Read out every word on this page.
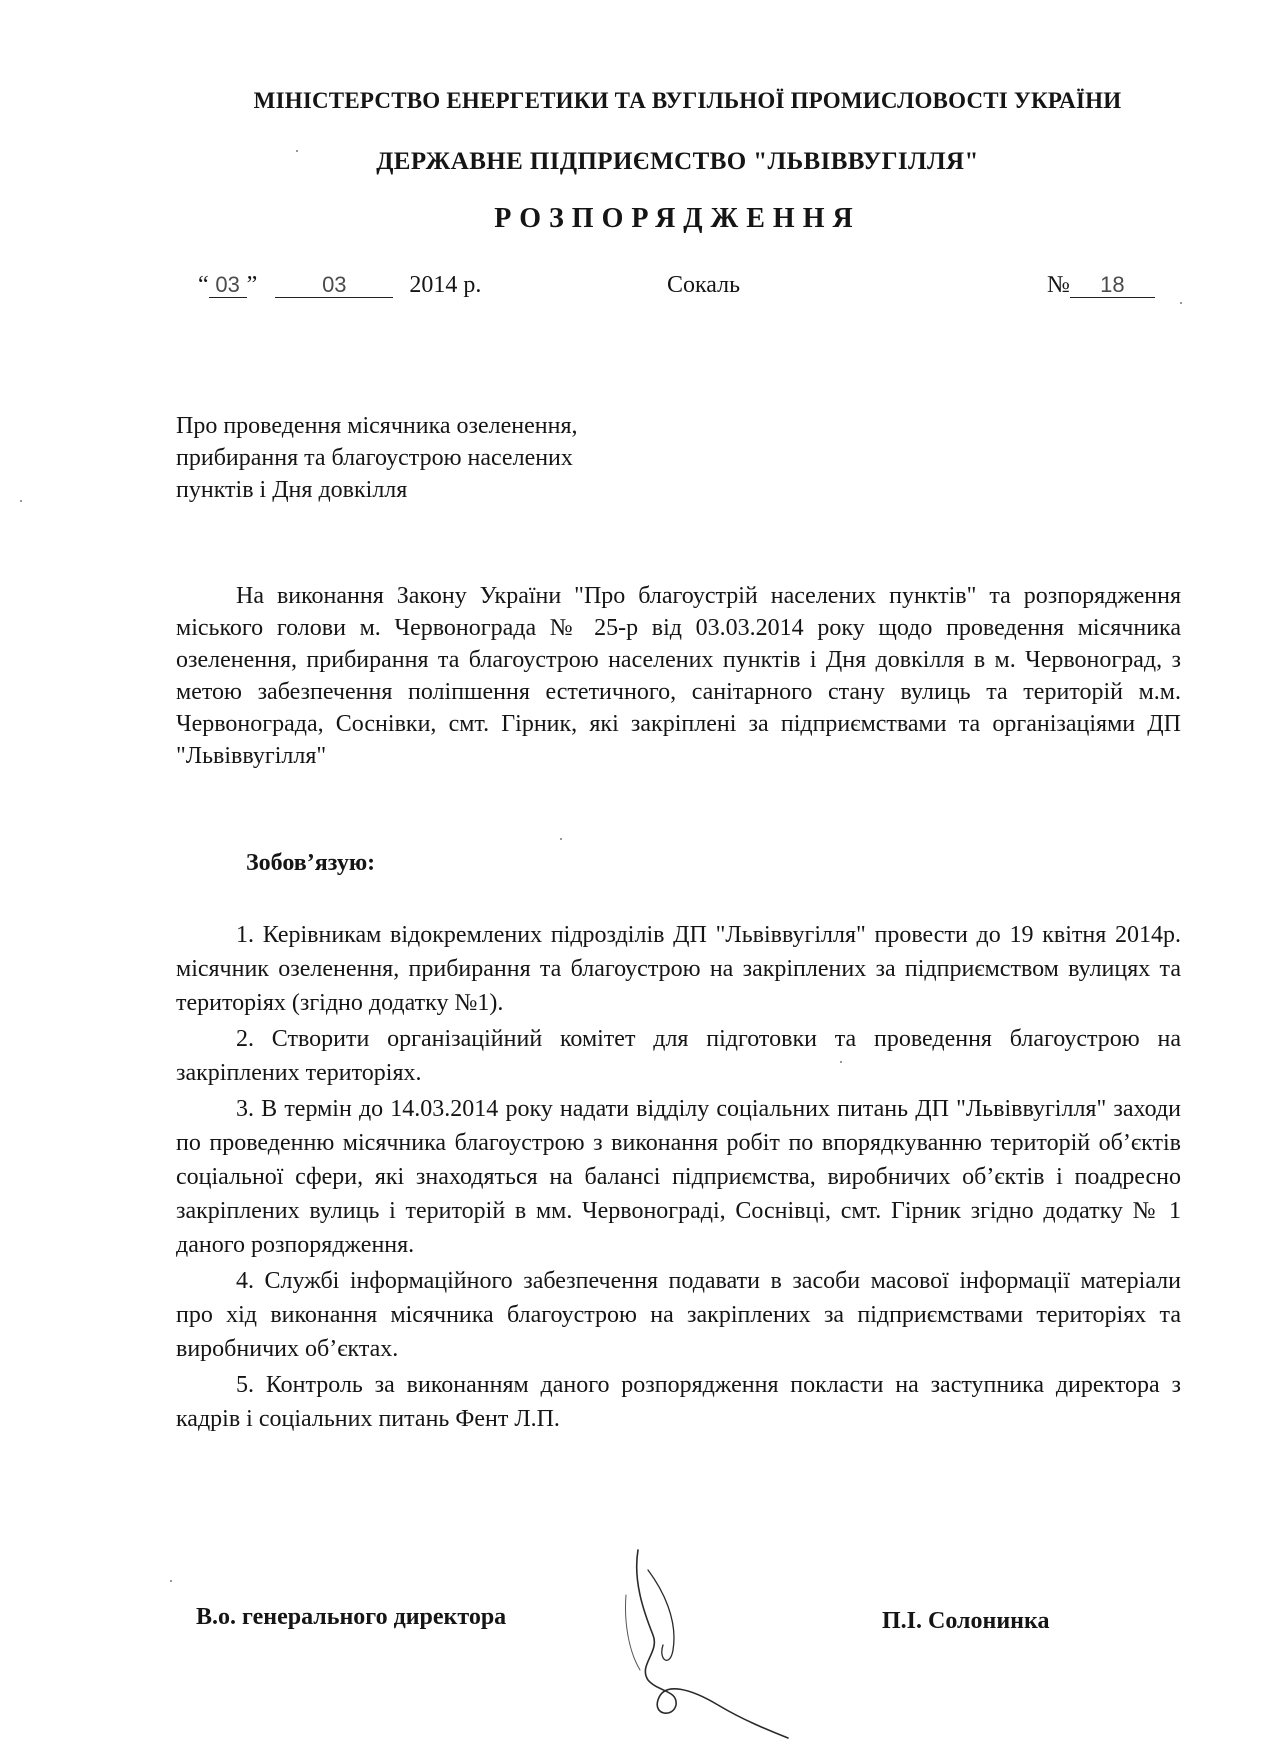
МІНІСТЕРСТВО ЕНЕРГЕТИКИ ТА ВУГІЛЬНОЇ ПРОМИСЛОВОСТІ УКРАЇНИ
ДЕРЖАВНЕ ПІДПРИЄМСТВО "ЛЬВІВВУГІЛЛЯ"
РОЗПОРЯДЖЕННЯ
“ 03 ”	03	2014 р.	Сокаль	№ 18
Про проведення місячника озеленення,
прибирання та благоустрою населених
пунктів і Дня довкілля
На виконання Закону України "Про благоустрій населених пунктів" та розпорядження міського голови м. Червонограда № 25-р від 03.03.2014 року щодо проведення місячника озеленення, прибирання та благоустрою населених пунктів і Дня довкілля в м. Червоноград, з метою забезпечення поліпшення естетичного, санітарного стану вулиць та територій м.м. Червонограда, Соснівки, смт. Гірник, які закріплені за підприємствами та організаціями ДП "Львіввугілля"
Зобов’язую:

1. Керівникам відокремлених підрозділів ДП "Львіввугілля" провести до 19 квітня 2014р. місячник озеленення, прибирання та благоустрою на закріплених за підприємством вулицях та територіях (згідно додатку №1).

2. Створити організаційний комітет для підготовки та проведення благоустрою на закріплених територіях.

3. В термін до 14.03.2014 року надати відділу соціальних питань ДП "Львіввугілля" заходи по проведенню місячника благоустрою з виконання робіт по впорядкуванню територій об’єктів соціальної сфери, які знаходяться на балансі підприємства, виробничих об’єктів і поадресно закріплених вулиць і територій в мм. Червонограді, Соснівці, смт. Гірник згідно додатку № 1 даного розпорядження.

4. Службі інформаційного забезпечення подавати в засоби масової інформації матеріали про хід виконання місячника благоустрою на закріплених за підприємствами територіях та виробничих об’єктах.

5. Контроль за виконанням даного розпорядження покласти на заступника директора з кадрів і соціальних питань Фент Л.П.

В.о. генерального директора	П.І. Солонинка
